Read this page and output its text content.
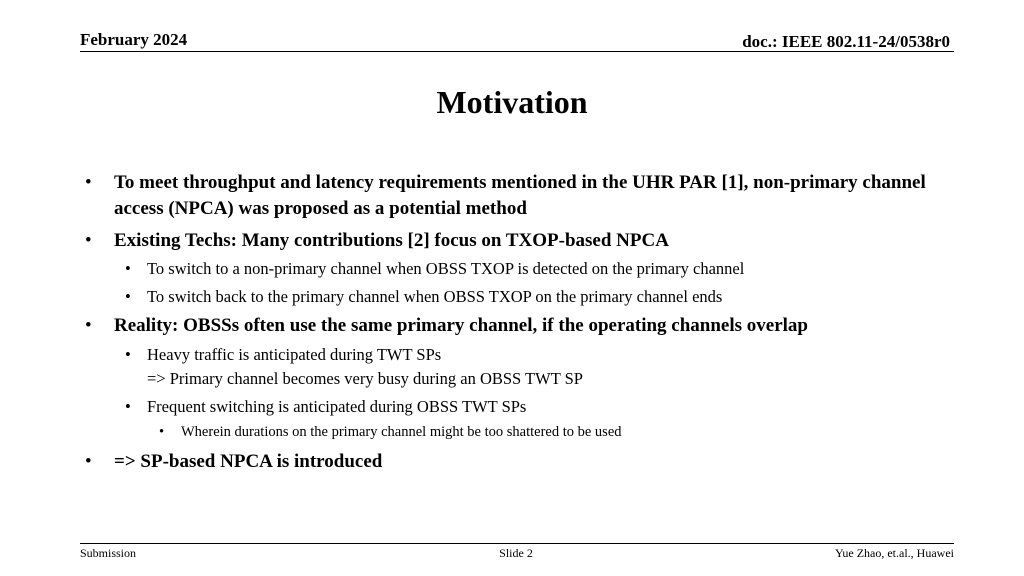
February 2024	doc.: IEEE 802.11-24/0538r0
Motivation
• To meet throughput and latency requirements mentioned in the UHR PAR [1], non-primary channel access (NPCA) was proposed as a potential method
• Existing Techs: Many contributions [2] focus on TXOP-based NPCA
• To switch to a non-primary channel when OBSS TXOP is detected on the primary channel
• To switch back to the primary channel when OBSS TXOP on the primary channel ends
• Reality: OBSSs often use the same primary channel, if the operating channels overlap
• Heavy traffic is anticipated during TWT SPs
=> Primary channel becomes very busy during an OBSS TWT SP
• Frequent switching is anticipated during OBSS TWT SPs
• Wherein durations on the primary channel might be too shattered to be used
• => SP-based NPCA is introduced
Submission	Slide 2	Yue Zhao, et.al., Huawei
